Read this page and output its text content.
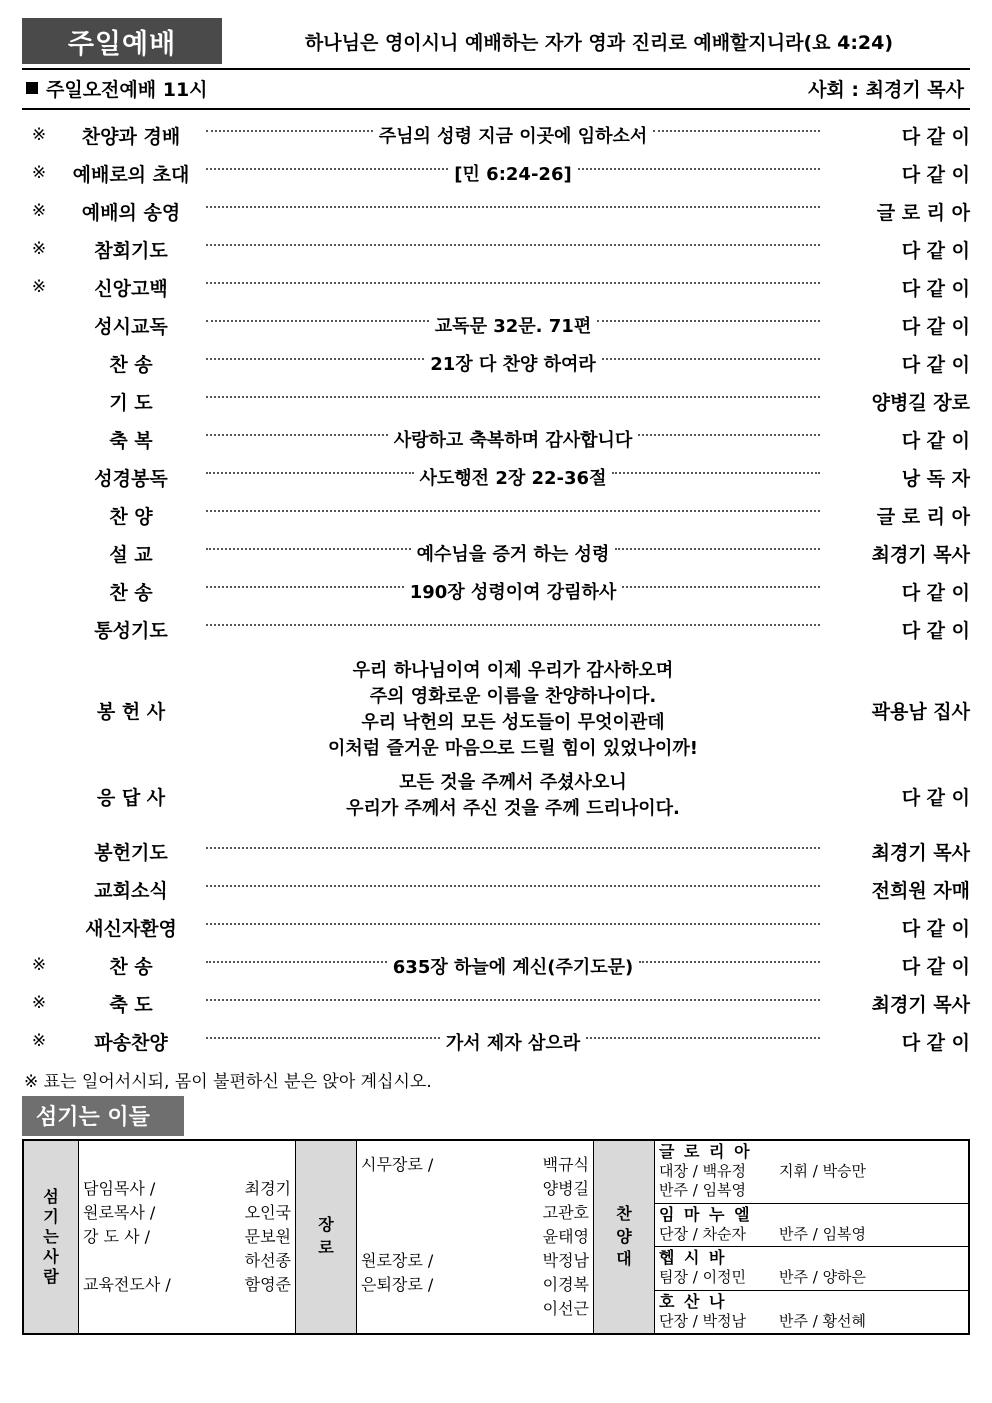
주일예배	하나님은 영이시니 예배하는 자가 영과 진리로 예배할지니라(요 4:24)
주일오전예배 11시	사회 : 최경기 목사
※	찬양과 경배	주님의 성령 지금 이곳에 임하소서	다 같 이
※	예배로의 초대	[민 6:24-26]	다 같 이
※	예배의 송영		글 로 리 아
※	참회기도		다 같 이
※	신앙고백		다 같 이
	성시교독	교독문 32문. 71편	다 같 이
	찬 송	21장 다 찬양 하여라	다 같 이
	기 도		양병길 장로
	축 복	사랑하고 축복하며 감사합니다	다 같 이
	성경봉독	사도행전 2장 22-36절	낭 독 자
	찬 양		글 로 리 아
	설 교	예수님을 증거 하는 성령	최경기 목사
	찬 송	190장 성령이여 강림하사	다 같 이
	통성기도		다 같 이
	봉 헌 사	우리 하나님이여 이제 우리가 감사하오며
주의 영화로운 이름을 찬양하나이다.
우리 낙헌의 모든 성도들이 무엇이관데
이처럼 즐거운 마음으로 드릴 힘이 있었나이까!	곽용남 집사
	응 답 사	모든 것을 주께서 주셨사오니
우리가 주께서 주신 것을 주께 드리나이다.	다 같 이
	봉헌기도		최경기 목사
	교회소식		전희원 자매
	새신자환영		다 같 이
※	찬 송	635장 하늘에 계신(주기도문)	다 같 이
※	축 도		최경기 목사
※	파송찬양	가서 제자 삼으라	다 같 이
※ 표는 일어서시되, 몸이 불편하신 분은 앉아 계십시오.
섬기는 이들
섬
기
는
사
람

담임목사 /	최경기
원로목사 /	오인국
강 도 사 /	문보원
하선종
교육전도사 /	함영준

장
로

시무장로 /	백규식
양병길
고관호
윤태영
원로장로 /	박정남
은퇴장로 /	이경복
이선근

찬
양
대

글 로 리 아
대장 / 백유정	지휘 / 박승만
반주 / 임복영
임 마 누 엘
단장 / 차순자	반주 / 임복영
헵 시 바
팀장 / 이정민	반주 / 양하은
호 산 나
단장 / 박정남	반주 / 황선혜
